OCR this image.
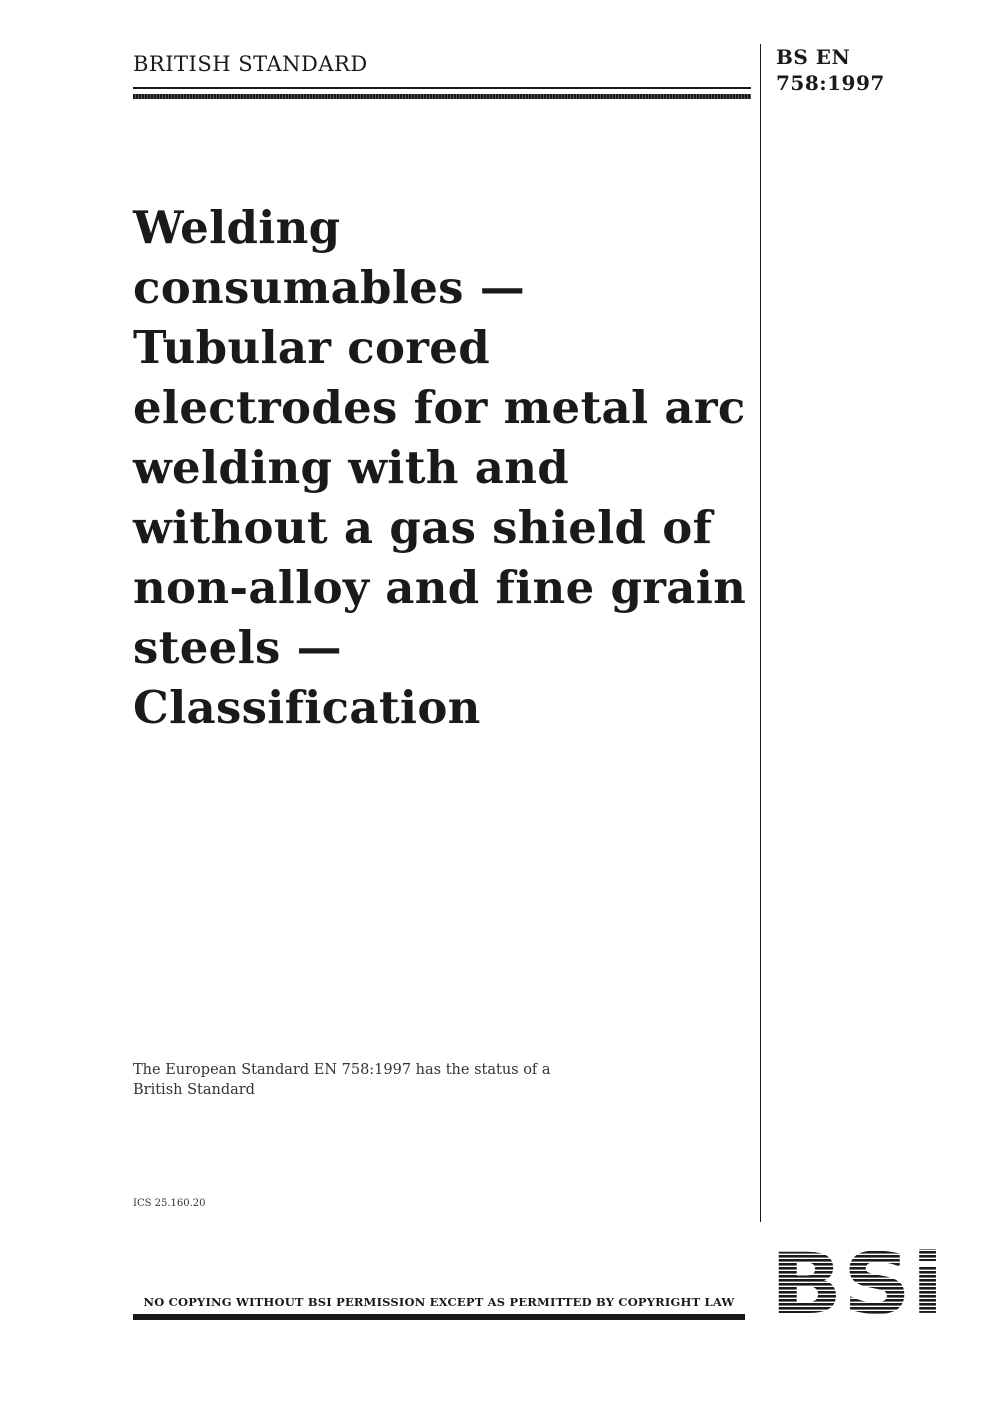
BRITISH STANDARD	BS EN
758:1997
Welding
consumables —
Tubular cored
electrodes for metal arc
welding with and
without a gas shield of
non-alloy and fine grain
steels —
Classification
The European Standard EN 758:1997 has the status of a
British Standard
ICS 25.160.20
NO COPYING WITHOUT BSI PERMISSION EXCEPT AS PERMITTED BY COPYRIGHT LAW
